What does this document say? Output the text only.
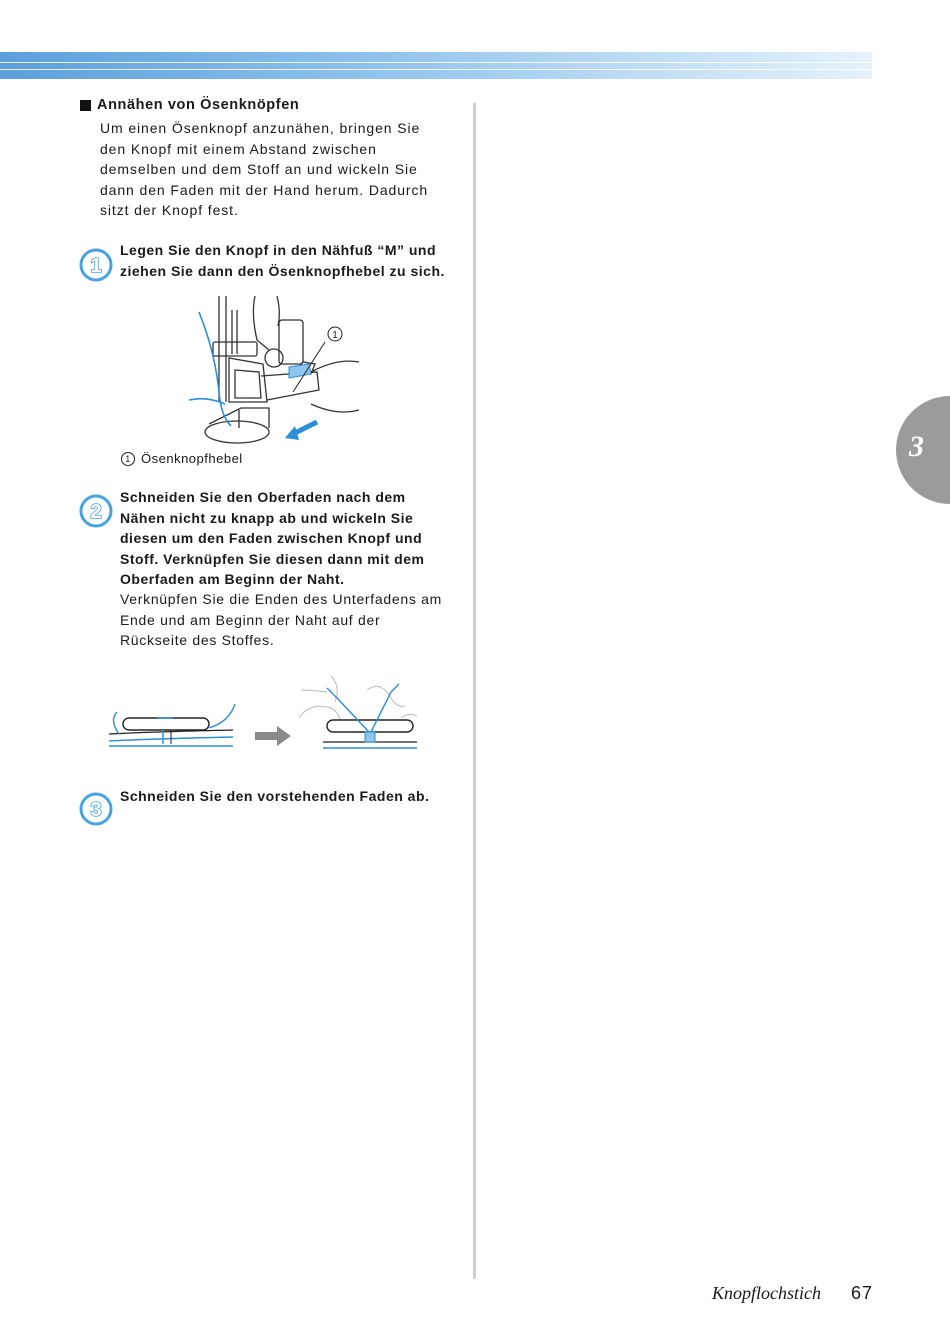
Annähen von Ösenknöpfen
Um einen Ösenknopf anzunähen, bringen Sie
den Knopf mit einem Abstand zwischen
demselben und dem Stoff an und wickeln Sie
dann den Faden mit der Hand herum. Dadurch
sitzt der Knopf fest.
1
Legen Sie den Knopf in den Nähfuß “M” und
ziehen Sie dann den Ösenknopfhebel zu sich.
1
1 Ösenknopfhebel
2
Schneiden Sie den Oberfaden nach dem
Nähen nicht zu knapp ab und wickeln Sie
diesen um den Faden zwischen Knopf und
Stoff. Verknüpfen Sie diesen dann mit dem
Oberfaden am Beginn der Naht.
Verknüpfen Sie die Enden des Unterfadens am
Ende und am Beginn der Naht auf der
Rückseite des Stoffes.
3
Schneiden Sie den vorstehenden Faden ab.
3
Knopflochstich 67
